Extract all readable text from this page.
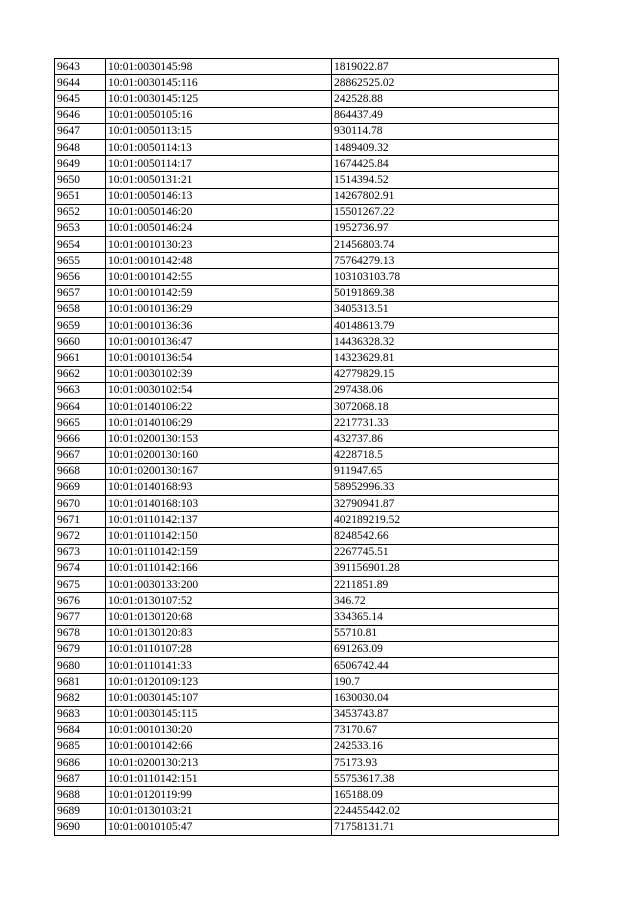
9643	10:01:0030145:98	1819022.87
9644	10:01:0030145:116	28862525.02
9645	10:01:0030145:125	242528.88
9646	10:01:0050105:16	864437.49
9647	10:01:0050113:15	930114.78
9648	10:01:0050114:13	1489409.32
9649	10:01:0050114:17	1674425.84
9650	10:01:0050131:21	1514394.52
9651	10:01:0050146:13	14267802.91
9652	10:01:0050146:20	15501267.22
9653	10:01:0050146:24	1952736.97
9654	10:01:0010130:23	21456803.74
9655	10:01:0010142:48	75764279.13
9656	10:01:0010142:55	103103103.78
9657	10:01:0010142:59	50191869.38
9658	10:01:0010136:29	3405313.51
9659	10:01:0010136:36	40148613.79
9660	10:01:0010136:47	14436328.32
9661	10:01:0010136:54	14323629.81
9662	10:01:0030102:39	42779829.15
9663	10:01:0030102:54	297438.06
9664	10:01:0140106:22	3072068.18
9665	10:01:0140106:29	2217731.33
9666	10:01:0200130:153	432737.86
9667	10:01:0200130:160	4228718.5
9668	10:01:0200130:167	911947.65
9669	10:01:0140168:93	58952996.33
9670	10:01:0140168:103	32790941.87
9671	10:01:0110142:137	402189219.52
9672	10:01:0110142:150	8248542.66
9673	10:01:0110142:159	2267745.51
9674	10:01:0110142:166	391156901.28
9675	10:01:0030133:200	2211851.89
9676	10:01:0130107:52	346.72
9677	10:01:0130120:68	334365.14
9678	10:01:0130120:83	55710.81
9679	10:01:0110107:28	691263.09
9680	10:01:0110141:33	6506742.44
9681	10:01:0120109:123	190.7
9682	10:01:0030145:107	1630030.04
9683	10:01:0030145:115	3453743.87
9684	10:01:0010130:20	73170.67
9685	10:01:0010142:66	242533.16
9686	10:01:0200130:213	75173.93
9687	10:01:0110142:151	55753617.38
9688	10:01:0120119:99	165188.09
9689	10:01:0130103:21	224455442.02
9690	10:01:0010105:47	71758131.71
